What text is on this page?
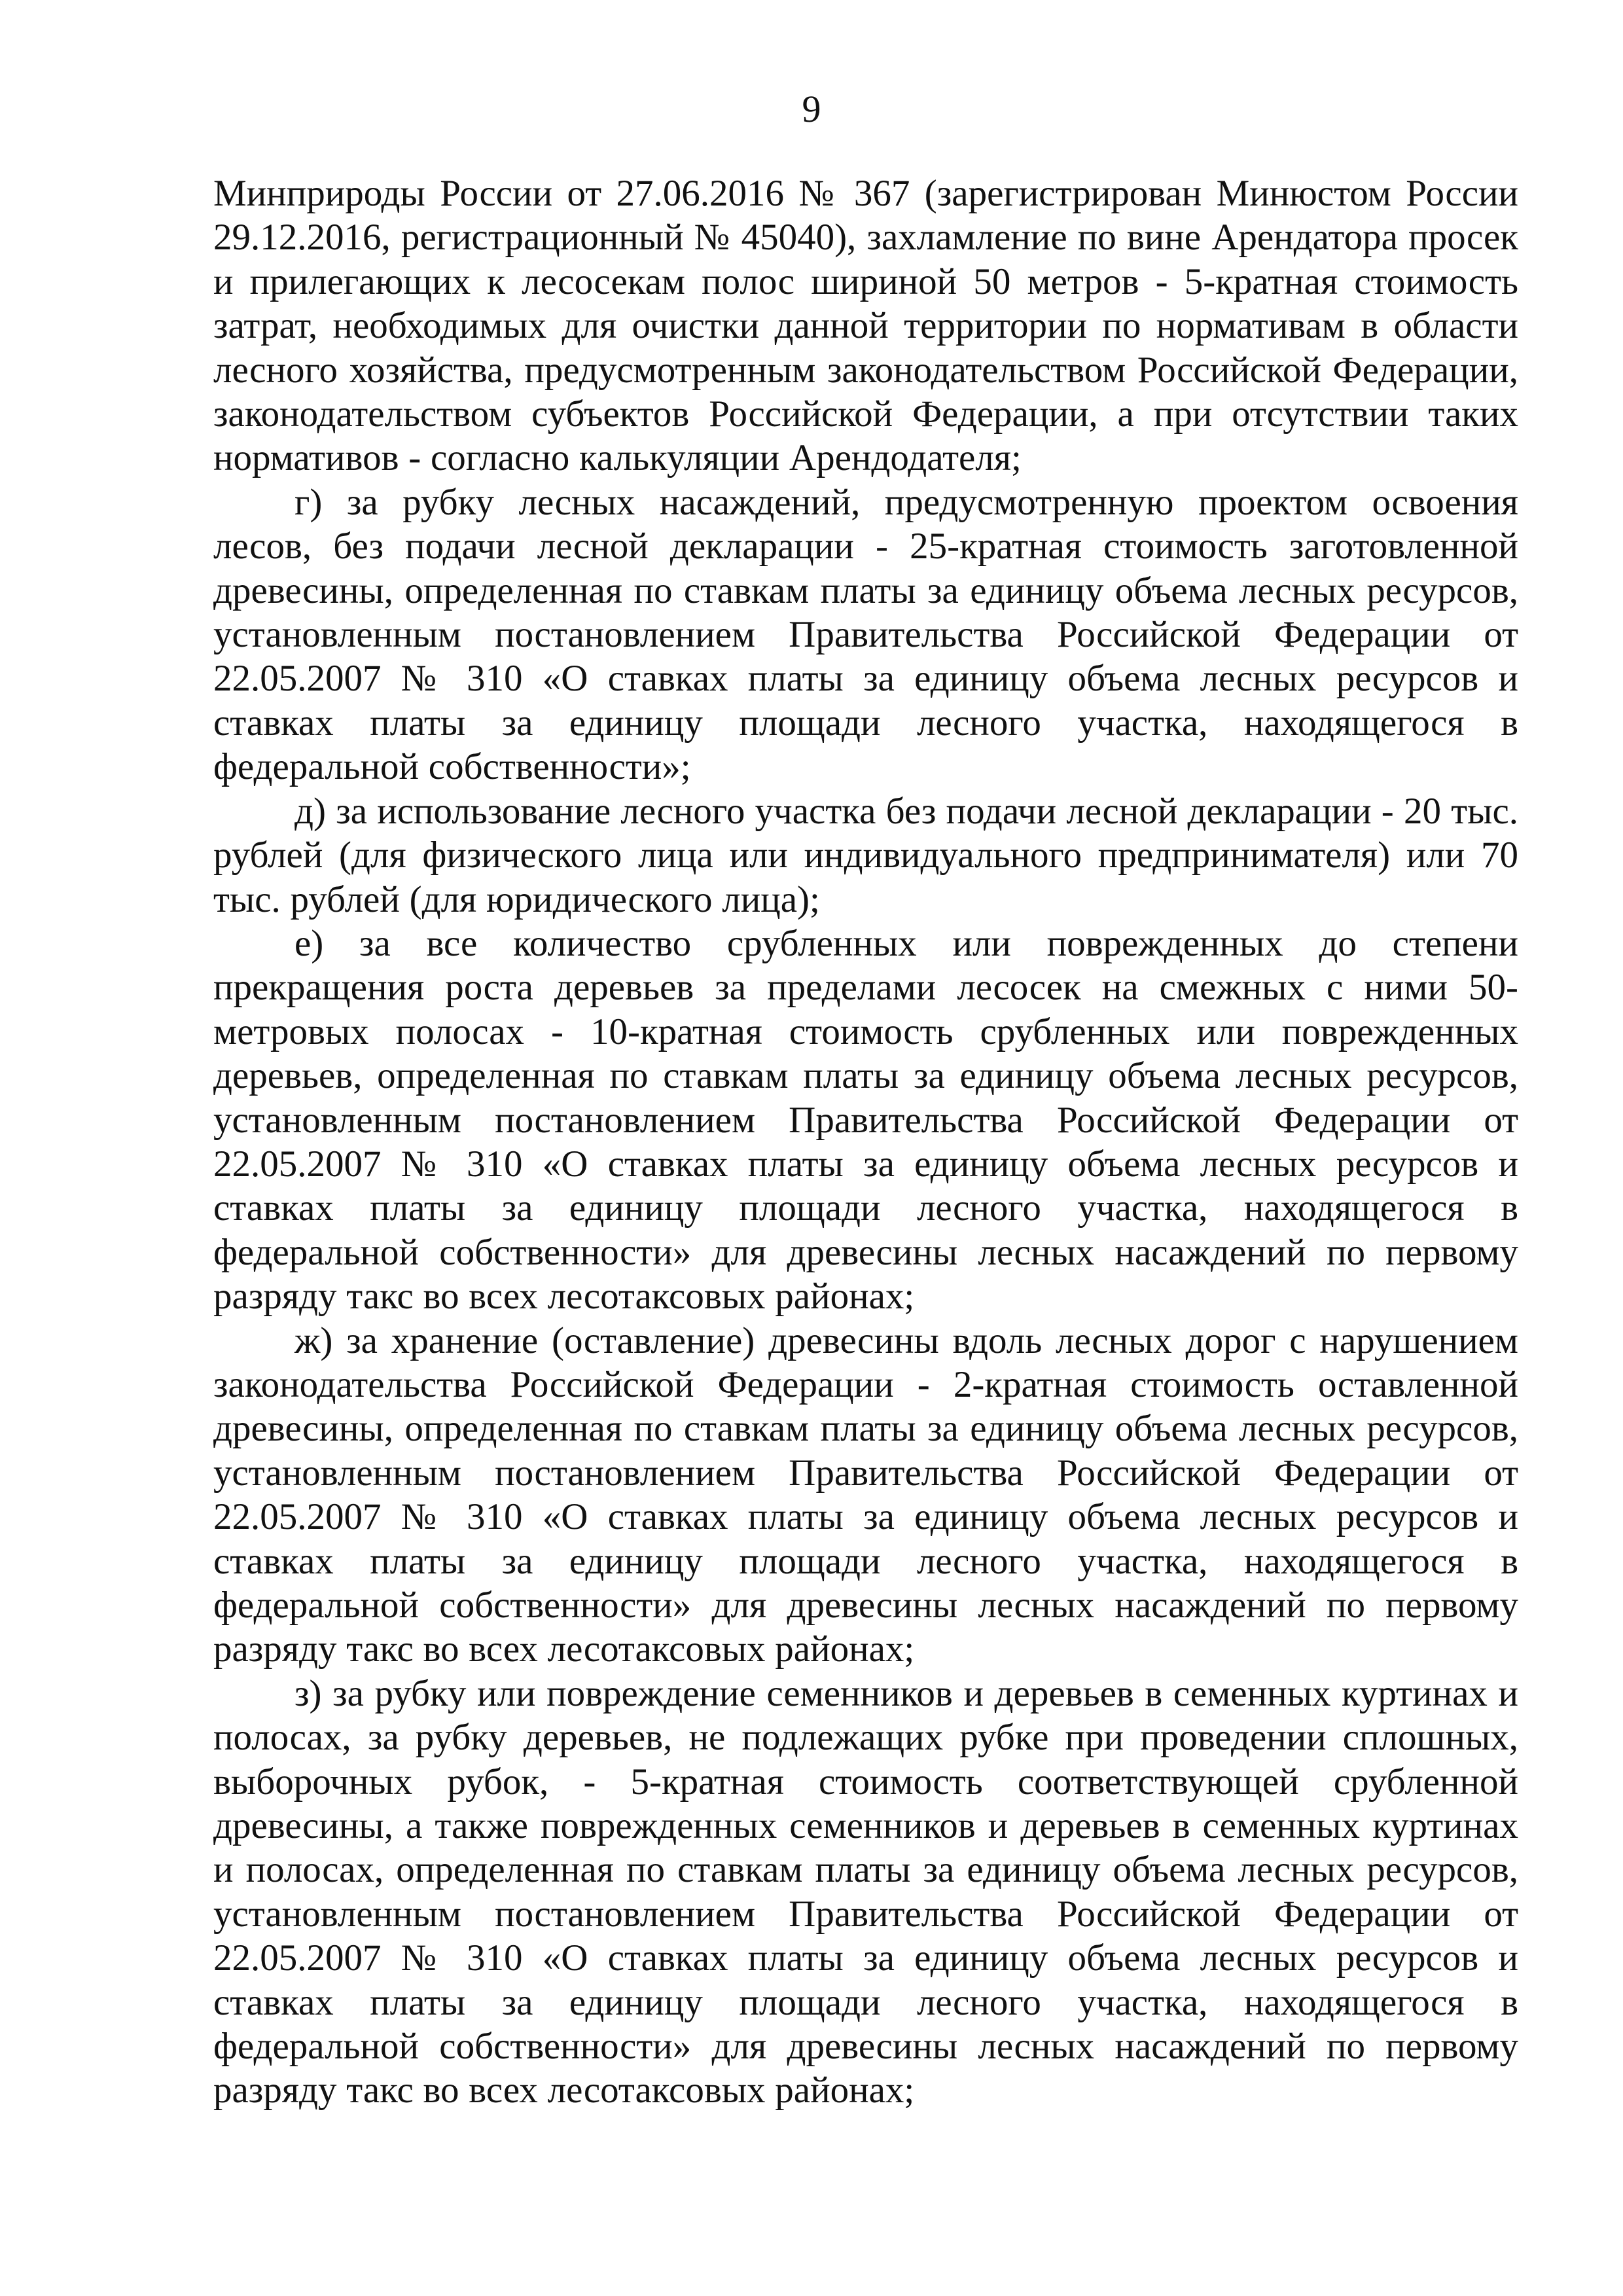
9

Минприроды России от 27.06.2016 № 367 (зарегистрирован Минюстом России 29.12.2016, регистрационный № 45040), захламление по вине Арендатора просек и прилегающих к лесосекам полос шириной 50 метров - 5-кратная стоимость затрат, необходимых для очистки данной территории по нормативам в области лесного хозяйства, предусмотренным законодательством Российской Федерации, законодательством субъектов Российской Федерации, а при отсутствии таких нормативов - согласно калькуляции Арендодателя;

г) за рубку лесных насаждений, предусмотренную проектом освоения лесов, без подачи лесной декларации - 25-кратная стоимость заготовленной древесины, определенная по ставкам платы за единицу объема лесных ресурсов, установленным постановлением Правительства Российской Федерации от 22.05.2007 № 310 «О ставках платы за единицу объема лесных ресурсов и ставках платы за единицу площади лесного участка, находящегося в федеральной собственности»;

д) за использование лесного участка без подачи лесной декларации - 20 тыс. рублей (для физического лица или индивидуального предпринимателя) или 70 тыс. рублей (для юридического лица);

е) за все количество срубленных или поврежденных до степени прекращения роста деревьев за пределами лесосек на смежных с ними 50-метровых полосах - 10-кратная стоимость срубленных или поврежденных деревьев, определенная по ставкам платы за единицу объема лесных ресурсов, установленным постановлением Правительства Российской Федерации от 22.05.2007 № 310 «О ставках платы за единицу объема лесных ресурсов и ставках платы за единицу площади лесного участка, находящегося в федеральной собственности» для древесины лесных насаждений по первому разряду такс во всех лесотаксовых районах;

ж) за хранение (оставление) древесины вдоль лесных дорог с нарушением законодательства Российской Федерации - 2-кратная стоимость оставленной древесины, определенная по ставкам платы за единицу объема лесных ресурсов, установленным постановлением Правительства Российской Федерации от 22.05.2007 № 310 «О ставках платы за единицу объема лесных ресурсов и ставках платы за единицу площади лесного участка, находящегося в федеральной собственности» для древесины лесных насаждений по первому разряду такс во всех лесотаксовых районах;

з) за рубку или повреждение семенников и деревьев в семенных куртинах и полосах, за рубку деревьев, не подлежащих рубке при проведении сплошных, выборочных рубок, - 5-кратная стоимость соответствующей срубленной древесины, а также поврежденных семенников и деревьев в семенных куртинах и полосах, определенная по ставкам платы за единицу объема лесных ресурсов, установленным постановлением Правительства Российской Федерации от 22.05.2007 № 310 «О ставках платы за единицу объема лесных ресурсов и ставках платы за единицу площади лесного участка, находящегося в федеральной собственности» для древесины лесных насаждений по первому разряду такс во всех лесотаксовых районах;
